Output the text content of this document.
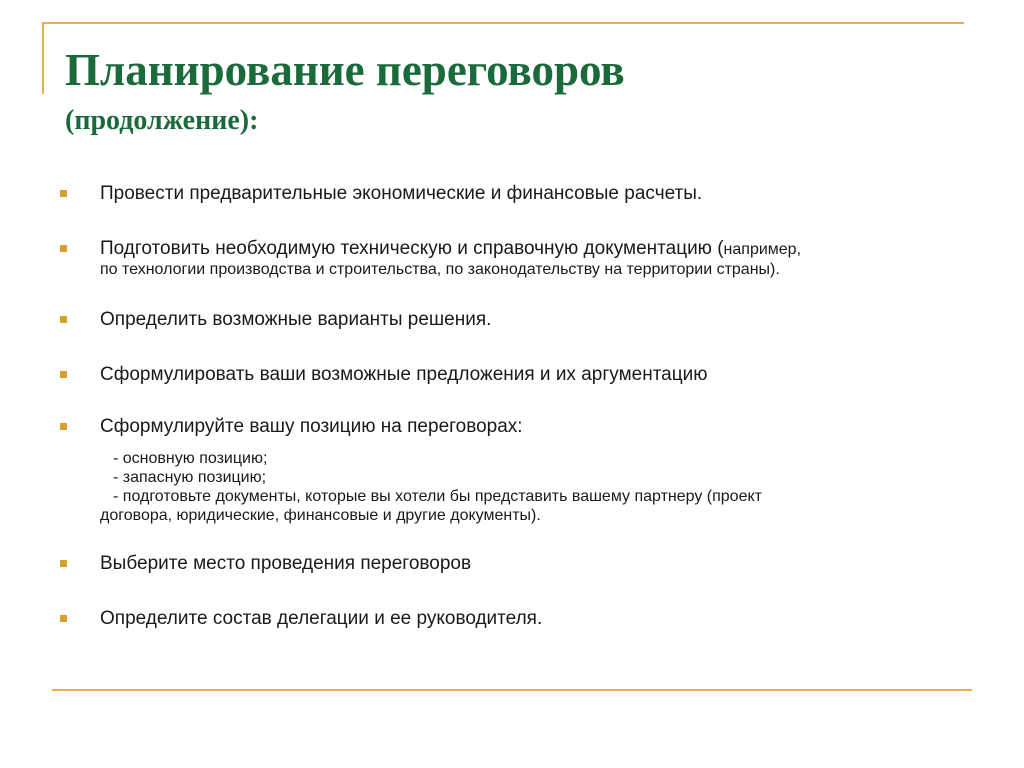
Планирование переговоров
(продолжение):
Провести предварительные экономические и финансовые расчеты.
Подготовить необходимую техническую и справочную документацию (например,
по технологии производства и строительства, по законодательству на территории страны).
Определить возможные варианты решения.
Сформулировать ваши возможные предложения и их аргументацию
Сформулируйте вашу позицию на переговорах:
- основную позицию;
- запасную позицию;
- подготовьте документы, которые вы хотели бы представить вашему партнеру (проект
договора, юридические, финансовые и другие документы).
Выберите место проведения переговоров
Определите состав делегации и ее руководителя.
